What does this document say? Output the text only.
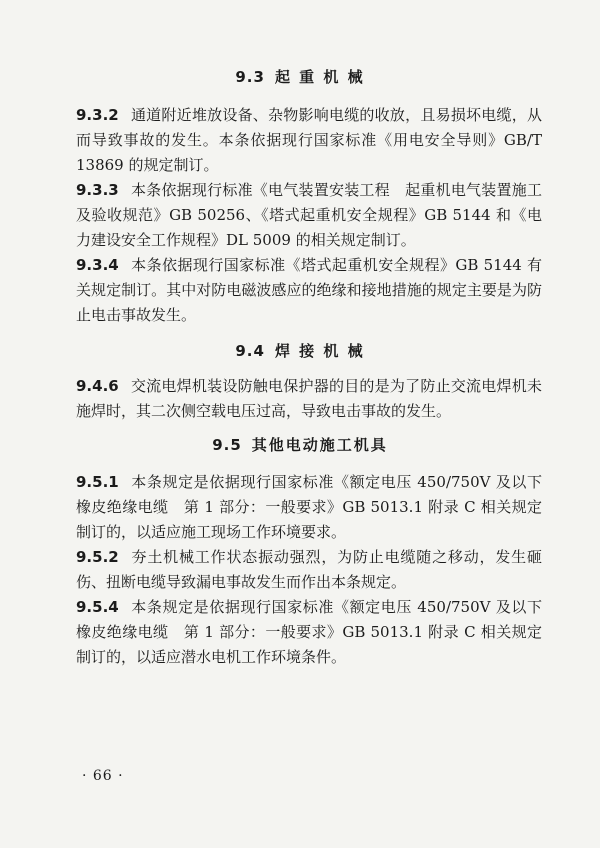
9.3 起 重 机 械
9.3.2 通道附近堆放设备、杂物影响电缆的收放，且易损坏电缆，从而导致事故的发生。本条依据现行国家标准《用电安全导则》GB/T 13869 的规定制订。
9.3.3 本条依据现行标准《电气装置安装工程　起重机电气装置施工及验收规范》GB 50256、《塔式起重机安全规程》GB 5144 和《电力建设安全工作规程》DL 5009 的相关规定制订。
9.3.4 本条依据现行国家标准《塔式起重机安全规程》GB 5144 有关规定制订。其中对防电磁波感应的绝缘和接地措施的规定主要是为防止电击事故发生。
9.4 焊 接 机 械
9.4.6 交流电焊机装设防触电保护器的目的是为了防止交流电焊机未施焊时，其二次侧空载电压过高，导致电击事故的发生。
9.5 其他电动施工机具
9.5.1 本条规定是依据现行国家标准《额定电压 450/750V 及以下橡皮绝缘电缆　第 1 部分：一般要求》GB 5013.1 附录 C 相关规定制订的，以适应施工现场工作环境要求。
9.5.2 夯土机械工作状态振动强烈，为防止电缆随之移动，发生砸伤、扭断电缆导致漏电事故发生而作出本条规定。
9.5.4 本条规定是依据现行国家标准《额定电压 450/750V 及以下橡皮绝缘电缆　第 1 部分：一般要求》GB 5013.1 附录 C 相关规定制订的，以适应潜水电机工作环境条件。
· 66 ·
